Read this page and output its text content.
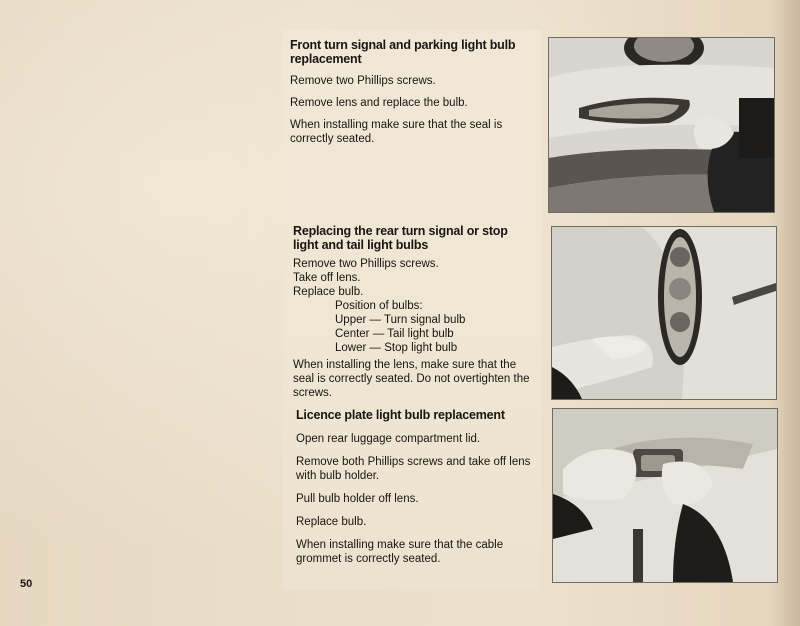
Front turn signal and parking light bulb replacement

Remove two Phillips screws.

Remove lens and replace the bulb.

When installing make sure that the seal is correctly seated.

Replacing the rear turn signal or stop light and tail light bulbs

Remove two Phillips screws.

Take off lens.

Replace bulb.

Position of bulbs:

Upper — Turn signal bulb

Center — Tail light bulb

Lower — Stop light bulb

When installing the lens, make sure that the seal is correctly seated. Do not overtighten the screws.

Licence plate light bulb replacement

Open rear luggage compartment lid.

Remove both Phillips screws and take off lens with bulb holder.

Pull bulb holder off lens.

Replace bulb.

When installing make sure that the cable grommet is correctly seated.

50
